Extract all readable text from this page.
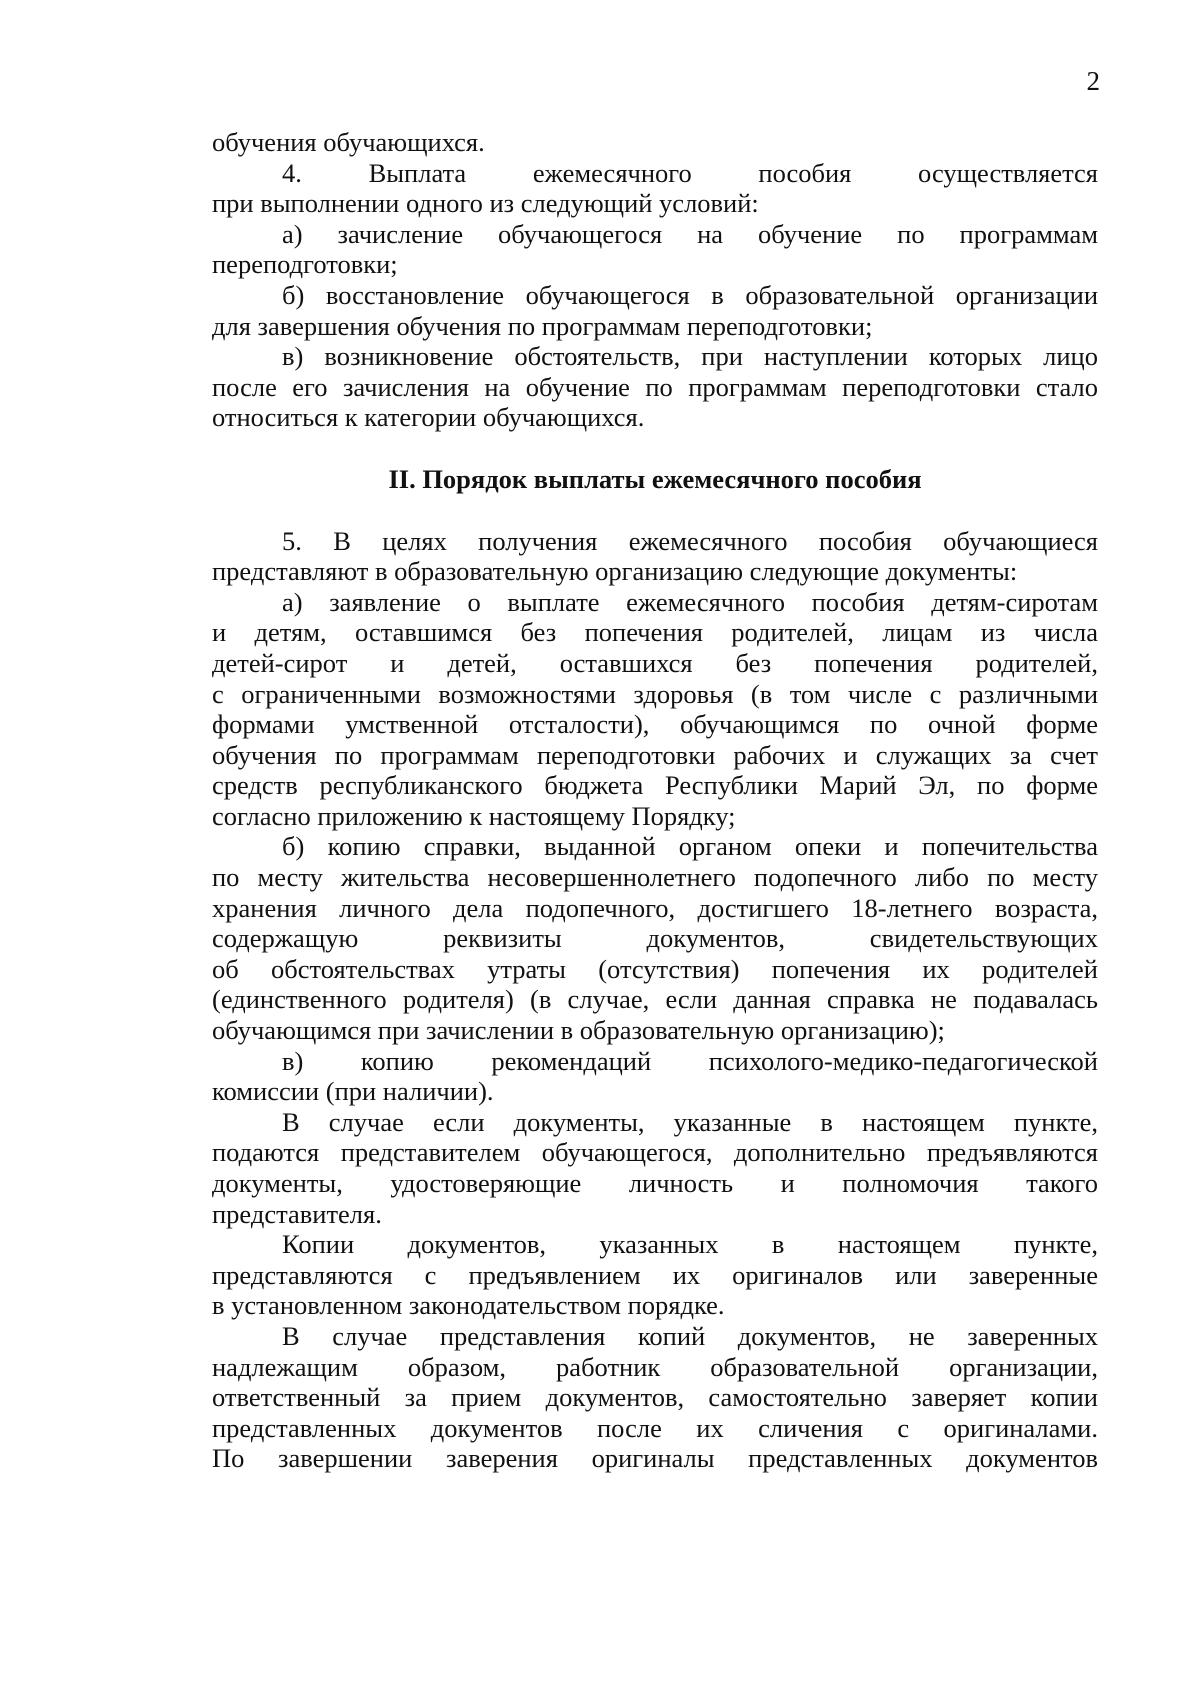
2

обучения обучающихся.

4. Выплата ежемесячного пособия осуществляется

при выполнении одного из следующий условий:

а) зачисление обучающегося на обучение по программам

переподготовки;

б) восстановление обучающегося в образовательной организации

для завершения обучения по программам переподготовки;

в) возникновение обстоятельств, при наступлении которых лицо

после его зачисления на обучение по программам переподготовки стало

относиться к категории обучающихся.

II. Порядок выплаты ежемесячного пособия

5. В целях получения ежемесячного пособия обучающиеся

представляют в образовательную организацию следующие документы:

а) заявление о выплате ежемесячного пособия детям-сиротам

и детям, оставшимся без попечения родителей, лицам из числа

детей-сирот и детей, оставшихся без попечения родителей,

с ограниченными возможностями здоровья (в том числе с различными

формами умственной отсталости), обучающимся по очной форме

обучения по программам переподготовки рабочих и служащих за счет

средств республиканского бюджета Республики Марий Эл, по форме

согласно приложению к настоящему Порядку;

б) копию справки, выданной органом опеки и попечительства

по месту жительства несовершеннолетнего подопечного либо по месту

хранения личного дела подопечного, достигшего 18-летнего возраста,

содержащую реквизиты документов, свидетельствующих

об обстоятельствах утраты (отсутствия) попечения их родителей

(единственного родителя) (в случае, если данная справка не подавалась

обучающимся при зачислении в образовательную организацию);

в) копию рекомендаций психолого-медико-педагогической

комиссии (при наличии).

В случае если документы, указанные в настоящем пункте,

подаются представителем обучающегося, дополнительно предъявляются

документы, удостоверяющие личность и полномочия такого

представителя.

Копии документов, указанных в настоящем пункте,

представляются с предъявлением их оригиналов или заверенные

в установленном законодательством порядке.

В случае представления копий документов, не заверенных

надлежащим образом, работник образовательной организации,

ответственный за прием документов, самостоятельно заверяет копии

представленных документов после их сличения с оригиналами.

По завершении заверения оригиналы представленных документов
